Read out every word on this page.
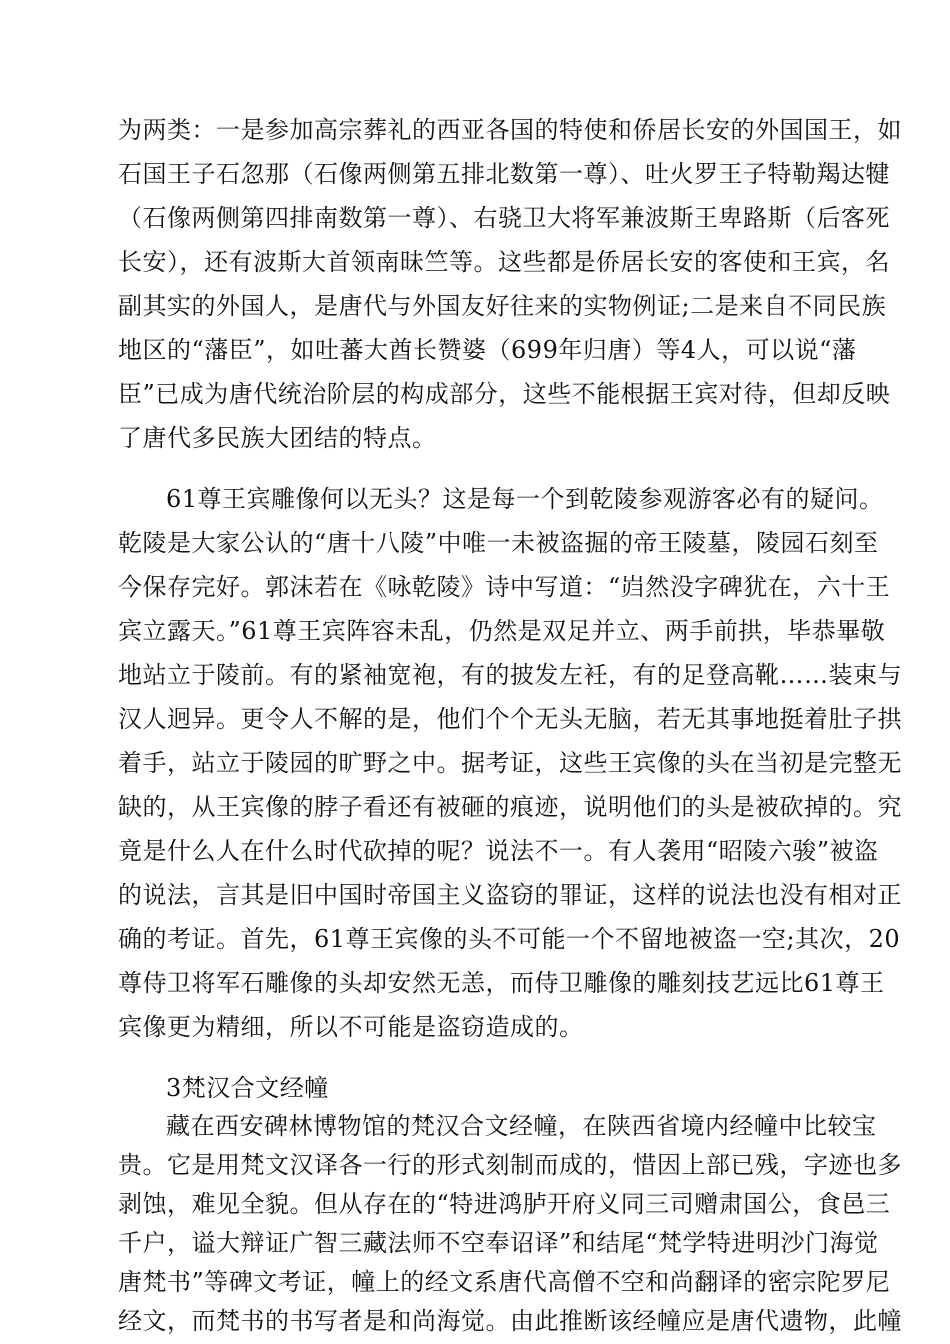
为两类：一是参加高宗葬礼的西亚各国的特使和侨居长安的外国国王，如
石国王子石忽那（石像两侧第五排北数第一尊）、吐火罗王子特勒羯达犍
（石像两侧第四排南数第一尊）、右骁卫大将军兼波斯王卑路斯（后客死
长安），还有波斯大首领南昧竺等。这些都是侨居长安的客使和王宾，名
副其实的外国人，是唐代与外国友好往来的实物例证;二是来自不同民族
地区的“藩臣”，如吐蕃大酋长赞婆（699年归唐）等4人，可以说“藩
臣”已成为唐代统治阶层的构成部分，这些不能根据王宾对待，但却反映
了唐代多民族大团结的特点。
61尊王宾雕像何以无头？这是每一个到乾陵参观游客必有的疑问。
乾陵是大家公认的“唐十八陵”中唯一未被盗掘的帝王陵墓，陵园石刻至
今保存完好。郭沫若在《咏乾陵》诗中写道：“岿然没字碑犹在，六十王
宾立露天。”61尊王宾阵容未乱，仍然是双足并立、两手前拱，毕恭畢敬
地站立于陵前。有的紧袖宽袍，有的披发左衽，有的足登高靴……装束与
汉人迥异。更令人不解的是，他们个个无头无脑，若无其事地挺着肚子拱
着手，站立于陵园的旷野之中。据考证，这些王宾像的头在当初是完整无
缺的，从王宾像的脖子看还有被砸的痕迹，说明他们的头是被砍掉的。究
竟是什么人在什么时代砍掉的呢？说法不一。有人袭用“昭陵六骏”被盗
的说法，言其是旧中国时帝国主义盗窃的罪证，这样的说法也没有相对正
确的考证。首先，61尊王宾像的头不可能一个不留地被盗一空;其次，20
尊侍卫将军石雕像的头却安然无恙，而侍卫雕像的雕刻技艺远比61尊王
宾像更为精细，所以不可能是盗窃造成的。
3梵汉合文经幢
藏在西安碑林博物馆的梵汉合文经幢，在陕西省境内经幢中比较宝
贵。它是用梵文汉译各一行的形式刻制而成的，惜因上部已残，字迹也多
剥蚀，难见全貌。但从存在的“特进鸿胪开府义同三司赠肃国公，食邑三
千户，谥大辩证广智三藏法师不空奉诏译”和结尾“梵学特进明沙门海觉
唐梵书”等碑文考证，幢上的经文系唐代高僧不空和尚翻译的密宗陀罗尼
经文，而梵书的书写者是和尚海觉。由此推断该经幢应是唐代遗物，此幢
